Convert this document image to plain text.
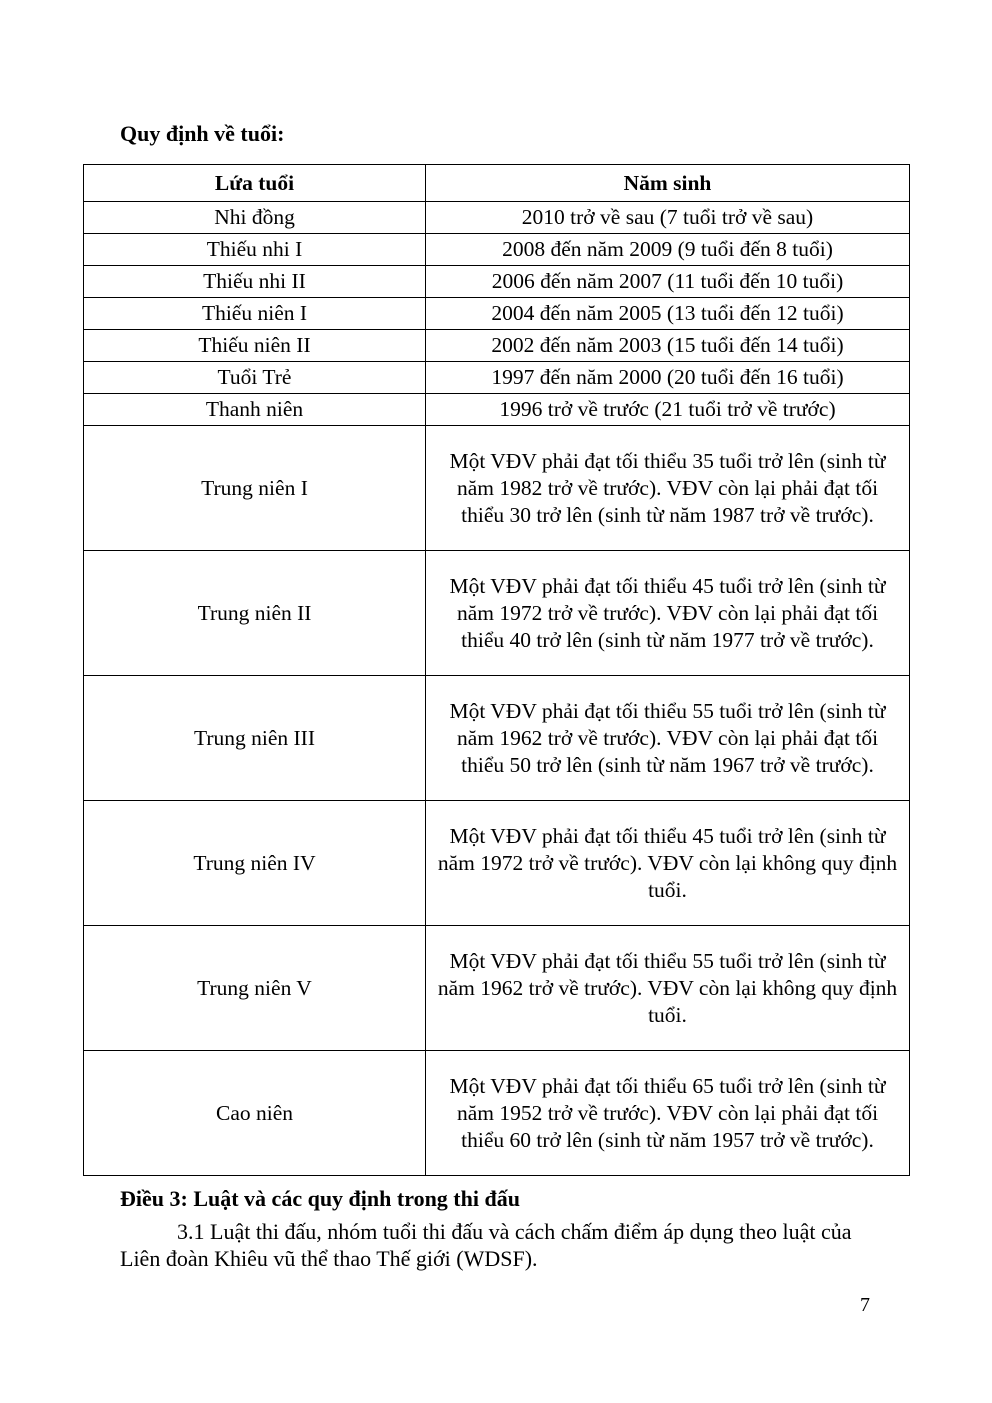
Quy định về tuổi:
Lứa tuổi	Năm sinh
Nhi đồng	2010 trở về sau (7 tuổi trở về sau)
Thiếu nhi I	2008 đến năm 2009 (9 tuổi đến 8 tuổi)
Thiếu nhi II	2006 đến năm 2007 (11 tuổi đến 10 tuổi)
Thiếu niên I	2004 đến năm 2005 (13 tuổi đến 12 tuổi)
Thiếu niên II	2002 đến năm 2003 (15 tuổi đến 14 tuổi)
Tuổi Trẻ	1997 đến năm 2000 (20 tuổi đến 16 tuổi)
Thanh niên	1996 trở về trước (21 tuổi trở về trước)
Trung niên I	Một VĐV phải đạt tối thiểu 35 tuổi trở lên (sinh từ năm 1982 trở về trước). VĐV còn lại phải đạt tối thiểu 30 trở lên (sinh từ năm 1987 trở về trước).
Trung niên II	Một VĐV phải đạt tối thiểu 45 tuổi trở lên (sinh từ năm 1972 trở về trước). VĐV còn lại phải đạt tối thiểu 40 trở lên (sinh từ năm 1977 trở về trước).
Trung niên III	Một VĐV phải đạt tối thiểu 55 tuổi trở lên (sinh từ năm 1962 trở về trước). VĐV còn lại phải đạt tối thiểu 50 trở lên (sinh từ năm 1967 trở về trước).
Trung niên IV	Một VĐV phải đạt tối thiểu 45 tuổi trở lên (sinh từ năm 1972 trở về trước). VĐV còn lại không quy định tuổi.
Trung niên V	Một VĐV phải đạt tối thiểu 55 tuổi trở lên (sinh từ năm 1962 trở về trước). VĐV còn lại không quy định tuổi.
Cao niên	Một VĐV phải đạt tối thiểu 65 tuổi trở lên (sinh từ năm 1952 trở về trước). VĐV còn lại phải đạt tối thiểu 60 trở lên (sinh từ năm 1957 trở về trước).
Điều 3: Luật và các quy định trong thi đấu

3.1 Luật thi đấu, nhóm tuổi thi đấu và cách chấm điểm áp dụng theo luật của Liên đoàn Khiêu vũ thể thao Thế giới (WDSF).

7
